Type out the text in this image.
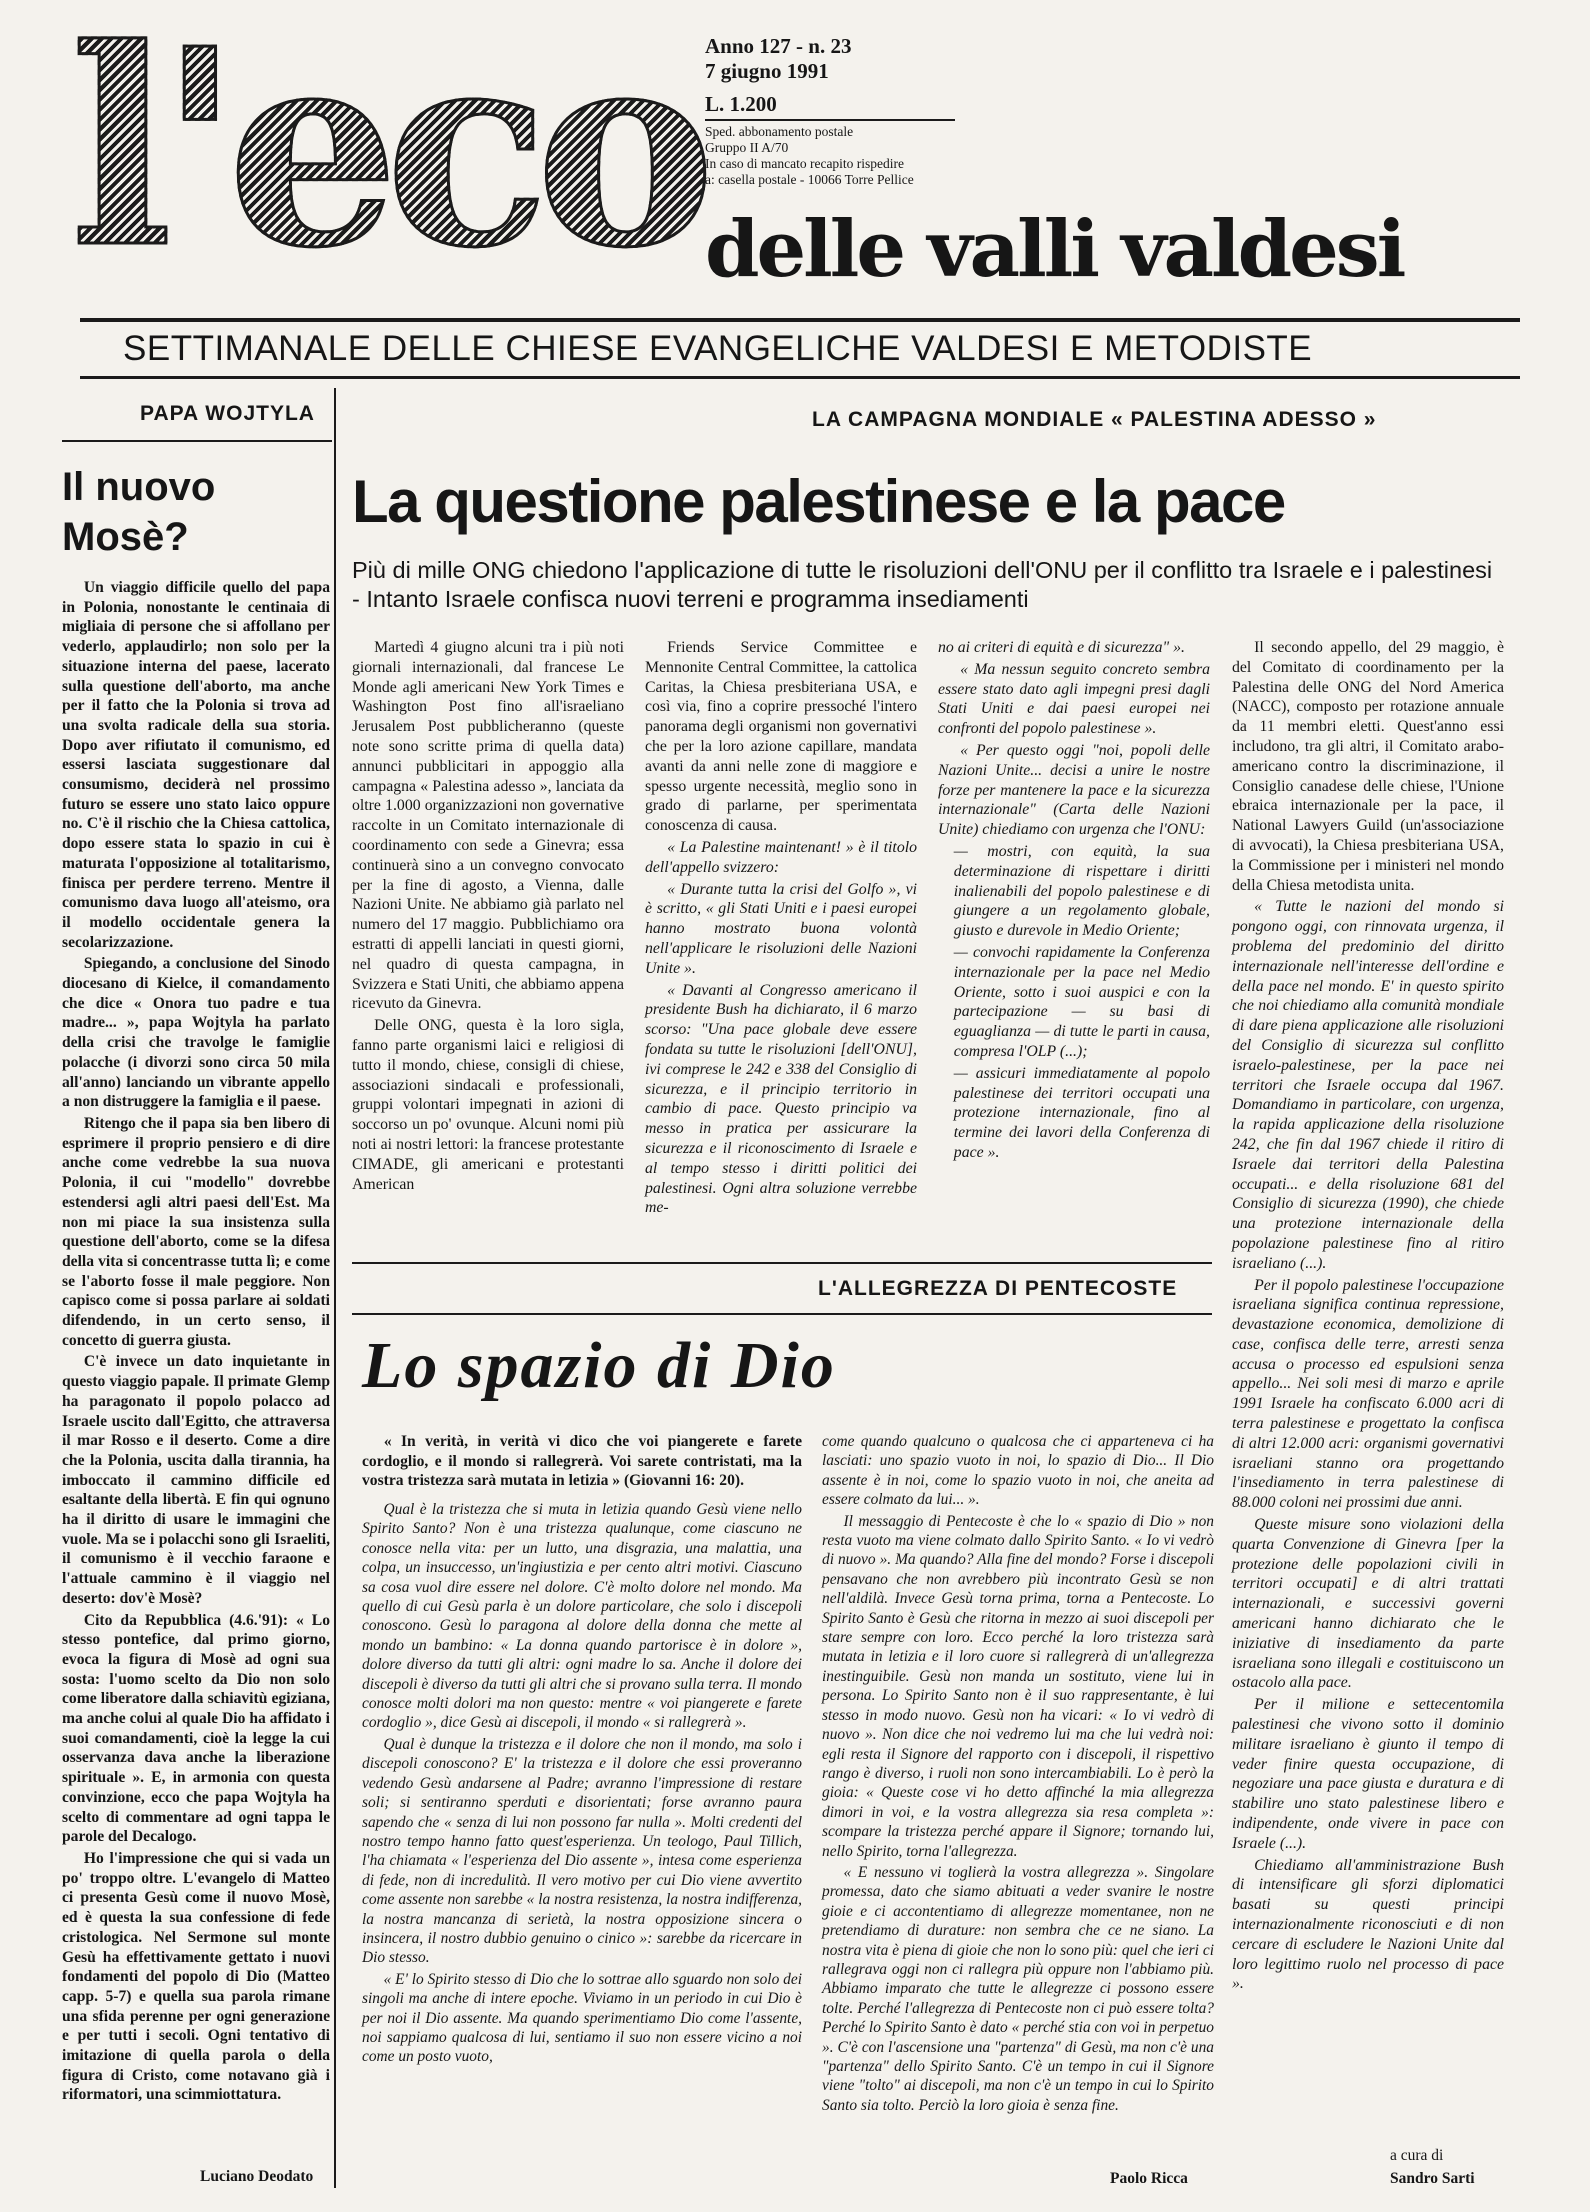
l'eco Anno 127 - n. 23
7 giugno 1991
L. 1.200
Sped. abbonamento postale
Gruppo II A/70
In caso di mancato recapito rispedire
a: casella postale - 10066 Torre Pellice
delle valli valdesi
SETTIMANALE DELLE CHIESE EVANGELICHE VALDESI E METODISTE
PAPA WOJTYLA
Il nuovo Mosè?

Un viaggio difficile quello del papa in Polonia, nonostante le centinaia di migliaia di persone che si affollano per vederlo, applaudirlo; non solo per la situazione interna del paese, lacerato sulla questione dell'aborto, ma anche per il fatto che la Polonia si trova ad una svolta radicale della sua storia. Dopo aver rifiutato il comunismo, ed essersi lasciata suggestionare dal consumismo, deciderà nel prossimo futuro se essere uno stato laico oppure no. C'è il rischio che la Chiesa cattolica, dopo essere stata lo spazio in cui è maturata l'opposizione al totalitarismo, finisca per perdere terreno. Mentre il comunismo dava luogo all'ateismo, ora il modello occidentale genera la secolarizzazione.

Spiegando, a conclusione del Sinodo diocesano di Kielce, il comandamento che dice « Onora tuo padre e tua madre... », papa Wojtyla ha parlato della crisi che travolge le famiglie polacche (i divorzi sono circa 50 mila all'anno) lanciando un vibrante appello a non distruggere la famiglia e il paese.

Ritengo che il papa sia ben libero di esprimere il proprio pensiero e di dire anche come vedrebbe la sua nuova Polonia, il cui "modello" dovrebbe estendersi agli altri paesi dell'Est. Ma non mi piace la sua insistenza sulla questione dell'aborto, come se la difesa della vita si concentrasse tutta lì; e come se l'aborto fosse il male peggiore. Non capisco come si possa parlare ai soldati difendendo, in un certo senso, il concetto di guerra giusta.

C'è invece un dato inquietante in questo viaggio papale. Il primate Glemp ha paragonato il popolo polacco ad Israele uscito dall'Egitto, che attraversa il mar Rosso e il deserto. Come a dire che la Polonia, uscita dalla tirannia, ha imboccato il cammino difficile ed esaltante della libertà. E fin qui ognuno ha il diritto di usare le immagini che vuole. Ma se i polacchi sono gli Israeliti, il comunismo è il vecchio faraone e l'attuale cammino è il viaggio nel deserto: dov'è Mosè?

Cito da Repubblica (4.6.'91): « Lo stesso pontefice, dal primo giorno, evoca la figura di Mosè ad ogni sua sosta: l'uomo scelto da Dio non solo come liberatore dalla schiavitù egiziana, ma anche colui al quale Dio ha affidato i suoi comandamenti, cioè la legge la cui osservanza dava anche la liberazione spirituale ». E, in armonia con questa convinzione, ecco che papa Wojtyla ha scelto di commentare ad ogni tappa le parole del Decalogo.

Ho l'impressione che qui si vada un po' troppo oltre. L'evangelo di Matteo ci presenta Gesù come il nuovo Mosè, ed è questa la sua confessione di fede cristologica. Nel Sermone sul monte Gesù ha effettivamente gettato i nuovi fondamenti del popolo di Dio (Matteo capp. 5-7) e quella sua parola rimane una sfida perenne per ogni generazione e per tutti i secoli. Ogni tentativo di imitazione di quella parola o della figura di Cristo, come notavano già i riformatori, una scimmiottatura.

Luciano Deodato
LA CAMPAGNA MONDIALE « PALESTINA ADESSO »
La questione palestinese e la pace
Più di mille ONG chiedono l'applicazione di tutte le risoluzioni dell'ONU per il conflitto tra Israele e i palestinesi - Intanto Israele confisca nuovi terreni e programma insediamenti

Martedì 4 giugno alcuni tra i più noti giornali internazionali, dal francese Le Monde agli americani New York Times e Washington Post fino all'israeliano Jerusalem Post pubblicheranno (queste note sono scritte prima di quella data) annunci pubblicitari in appoggio alla campagna « Palestina adesso », lanciata da oltre 1.000 organizzazioni non governative raccolte in un Comitato internazionale di coordinamento con sede a Ginevra; essa continuerà sino a un convegno convocato per la fine di agosto, a Vienna, dalle Nazioni Unite. Ne abbiamo già parlato nel numero del 17 maggio. Pubblichiamo ora estratti di appelli lanciati in questi giorni, nel quadro di questa campagna, in Svizzera e Stati Uniti, che abbiamo appena ricevuto da Ginevra.

Delle ONG, questa è la loro sigla, fanno parte organismi laici e religiosi di tutto il mondo, chiese, consigli di chiese, associazioni sindacali e professionali, gruppi volontari impegnati in azioni di soccorso un po' ovunque. Alcuni nomi più noti ai nostri lettori: la francese protestante CIMADE, gli americani e protestanti American

Friends Service Committee e Mennonite Central Committee, la cattolica Caritas, la Chiesa presbiteriana USA, e così via, fino a coprire pressoché l'intero panorama degli organismi non governativi che per la loro azione capillare, mandata avanti da anni nelle zone di maggiore e spesso urgente necessità, meglio sono in grado di parlarne, per sperimentata conoscenza di causa.

« La Palestine maintenant! » è il titolo dell'appello svizzero:

« Durante tutta la crisi del Golfo », vi è scritto, « gli Stati Uniti e i paesi europei hanno mostrato buona volontà nell'applicare le risoluzioni delle Nazioni Unite ».

« Davanti al Congresso americano il presidente Bush ha dichiarato, il 6 marzo scorso: "Una pace globale deve essere fondata su tutte le risoluzioni [dell'ONU], ivi comprese le 242 e 338 del Consiglio di sicurezza, e il principio territorio in cambio di pace. Questo principio va messo in pratica per assicurare la sicurezza e il riconoscimento di Israele e al tempo stesso i diritti politici dei palestinesi. Ogni altra soluzione verrebbe me-

no ai criteri di equità e di sicurezza" ».

« Ma nessun seguito concreto sembra essere stato dato agli impegni presi dagli Stati Uniti e dai paesi europei nei confronti del popolo palestinese ».

« Per questo oggi "noi, popoli delle Nazioni Unite... decisi a unire le nostre forze per mantenere la pace e la sicurezza internazionale" (Carta delle Nazioni Unite) chiediamo con urgenza che l'ONU:

— mostri, con equità, la sua determinazione di rispettare i diritti inalienabili del popolo palestinese e di giungere a un regolamento globale, giusto e durevole in Medio Oriente;

— convochi rapidamente la Conferenza internazionale per la pace nel Medio Oriente, sotto i suoi auspici e con la partecipazione — su basi di eguaglianza — di tutte le parti in causa, compresa l'OLP (...);

— assicuri immediatamente al popolo palestinese dei territori occupati una protezione internazionale, fino al termine dei lavori della Conferenza di pace ».

Il secondo appello, del 29 maggio, è del Comitato di coordinamento per la Palestina delle ONG del Nord America (NACC), composto per rotazione annuale da 11 membri eletti. Quest'anno essi includono, tra gli altri, il Comitato arabo-americano contro la discriminazione, il Consiglio canadese delle chiese, l'Unione ebraica internazionale per la pace, il National Lawyers Guild (un'associazione di avvocati), la Chiesa presbiteriana USA, la Commissione per i ministeri nel mondo della Chiesa metodista unita.

« Tutte le nazioni del mondo si pongono oggi, con rinnovata urgenza, il problema del predominio del diritto internazionale nell'interesse dell'ordine e della pace nel mondo. E' in questo spirito che noi chiediamo alla comunità mondiale di dare piena applicazione alle risoluzioni del Consiglio di sicurezza sul conflitto israelo-palestinese, per la pace nei territori che Israele occupa dal 1967. Domandiamo in particolare, con urgenza, la rapida applicazione della risoluzione 242, che fin dal 1967 chiede il ritiro di Israele dai territori della Palestina occupati... e della risoluzione 681 del Consiglio di sicurezza (1990), che chiede una protezione internazionale della popolazione palestinese fino al ritiro israeliano (...).

Per il popolo palestinese l'occupazione israeliana significa continua repressione, devastazione economica, demolizione di case, confisca delle terre, arresti senza accusa o processo ed espulsioni senza appello... Nei soli mesi di marzo e aprile 1991 Israele ha confiscato 6.000 acri di terra palestinese e progettato la confisca di altri 12.000 acri: organismi governativi israeliani stanno ora progettando l'insediamento in terra palestinese di 88.000 coloni nei prossimi due anni.

Queste misure sono violazioni della quarta Convenzione di Ginevra [per la protezione delle popolazioni civili in territori occupati] e di altri trattati internazionali, e successivi governi americani hanno dichiarato che le iniziative di insediamento da parte israeliana sono illegali e costituiscono un ostacolo alla pace.

Per il milione e settecentomila palestinesi che vivono sotto il dominio militare israeliano è giunto il tempo di veder finire questa occupazione, di negoziare una pace giusta e duratura e di stabilire uno stato palestinese libero e indipendente, onde vivere in pace con Israele (...).

Chiediamo all'amministrazione Bush di intensificare gli sforzi diplomatici basati su questi principi internazionalmente riconosciuti e di non cercare di escludere le Nazioni Unite dal loro legittimo ruolo nel processo di pace ».

a cura di
Sandro Sarti
L'ALLEGREZZA DI PENTECOSTE
Lo spazio di Dio

« In verità, in verità vi dico che voi piangerete e farete cordoglio, e il mondo si rallegrerà. Voi sarete contristati, ma la vostra tristezza sarà mutata in letizia » (Giovanni 16: 20).

Qual è la tristezza che si muta in letizia quando Gesù viene nello Spirito Santo? Non è una tristezza qualunque, come ciascuno ne conosce nella vita: per un lutto, una disgrazia, una malattia, una colpa, un insuccesso, un'ingiustizia e per cento altri motivi. Ciascuno sa cosa vuol dire essere nel dolore. C'è molto dolore nel mondo. Ma quello di cui Gesù parla è un dolore particolare, che solo i discepoli conoscono. Gesù lo paragona al dolore della donna che mette al mondo un bambino: « La donna quando partorisce è in dolore », dolore diverso da tutti gli altri: ogni madre lo sa. Anche il dolore dei discepoli è diverso da tutti gli altri che si provano sulla terra. Il mondo conosce molti dolori ma non questo: mentre « voi piangerete e farete cordoglio », dice Gesù ai discepoli, il mondo « si rallegrerà ».

Qual è dunque la tristezza e il dolore che non il mondo, ma solo i discepoli conoscono? E' la tristezza e il dolore che essi proveranno vedendo Gesù andarsene al Padre; avranno l'impressione di restare soli; si sentiranno sperduti e disorientati; forse avranno paura sapendo che « senza di lui non possono far nulla ». Molti credenti del nostro tempo hanno fatto quest'esperienza. Un teologo, Paul Tillich, l'ha chiamata « l'esperienza del Dio assente », intesa come esperienza di fede, non di incredulità. Il vero motivo per cui Dio viene avvertito come assente non sarebbe « la nostra resistenza, la nostra indifferenza, la nostra mancanza di serietà, la nostra opposizione sincera o insincera, il nostro dubbio genuino o cinico »: sarebbe da ricercare in Dio stesso.

« E' lo Spirito stesso di Dio che lo sottrae allo sguardo non solo dei singoli ma anche di intere epoche. Viviamo in un periodo in cui Dio è per noi il Dio assente. Ma quando sperimentiamo Dio come l'assente, noi sappiamo qualcosa di lui, sentiamo il suo non essere vicino a noi come un posto vuoto,

come quando qualcuno o qualcosa che ci apparteneva ci ha lasciati: uno spazio vuoto in noi, lo spazio di Dio... Il Dio assente è in noi, come lo spazio vuoto in noi, che aneita ad essere colmato da lui... ».

Il messaggio di Pentecoste è che lo « spazio di Dio » non resta vuoto ma viene colmato dallo Spirito Santo. « Io vi vedrò di nuovo ». Ma quando? Alla fine del mondo? Forse i discepoli pensavano che non avrebbero più incontrato Gesù se non nell'aldilà. Invece Gesù torna prima, torna a Pentecoste. Lo Spirito Santo è Gesù che ritorna in mezzo ai suoi discepoli per stare sempre con loro. Ecco perché la loro tristezza sarà mutata in letizia e il loro cuore si rallegrerà di un'allegrezza inestinguibile. Gesù non manda un sostituto, viene lui in persona. Lo Spirito Santo non è il suo rappresentante, è lui stesso in modo nuovo. Gesù non ha vicari: « Io vi vedrò di nuovo ». Non dice che noi vedremo lui ma che lui vedrà noi: egli resta il Signore del rapporto con i discepoli, il rispettivo rango è diverso, i ruoli non sono intercambiabili. Lo è però la gioia: « Queste cose vi ho detto affinché la mia allegrezza dimori in voi, e la vostra allegrezza sia resa completa »: scompare la tristezza perché appare il Signore; tornando lui, nello Spirito, torna l'allegrezza.

« E nessuno vi toglierà la vostra allegrezza ». Singolare promessa, dato che siamo abituati a veder svanire le nostre gioie e ci accontentiamo di allegrezze momentanee, non ne pretendiamo di durature: non sembra che ce ne siano. La nostra vita è piena di gioie che non lo sono più: quel che ieri ci rallegrava oggi non ci rallegra più oppure non l'abbiamo più. Abbiamo imparato che tutte le allegrezze ci possono essere tolte. Perché l'allegrezza di Pentecoste non ci può essere tolta? Perché lo Spirito Santo è dato « perché stia con voi in perpetuo ». C'è con l'ascensione una "partenza" di Gesù, ma non c'è una "partenza" dello Spirito Santo. C'è un tempo in cui il Signore viene "tolto" ai discepoli, ma non c'è un tempo in cui lo Spirito Santo sia tolto. Perciò la loro gioia è senza fine.

Paolo Ricca
